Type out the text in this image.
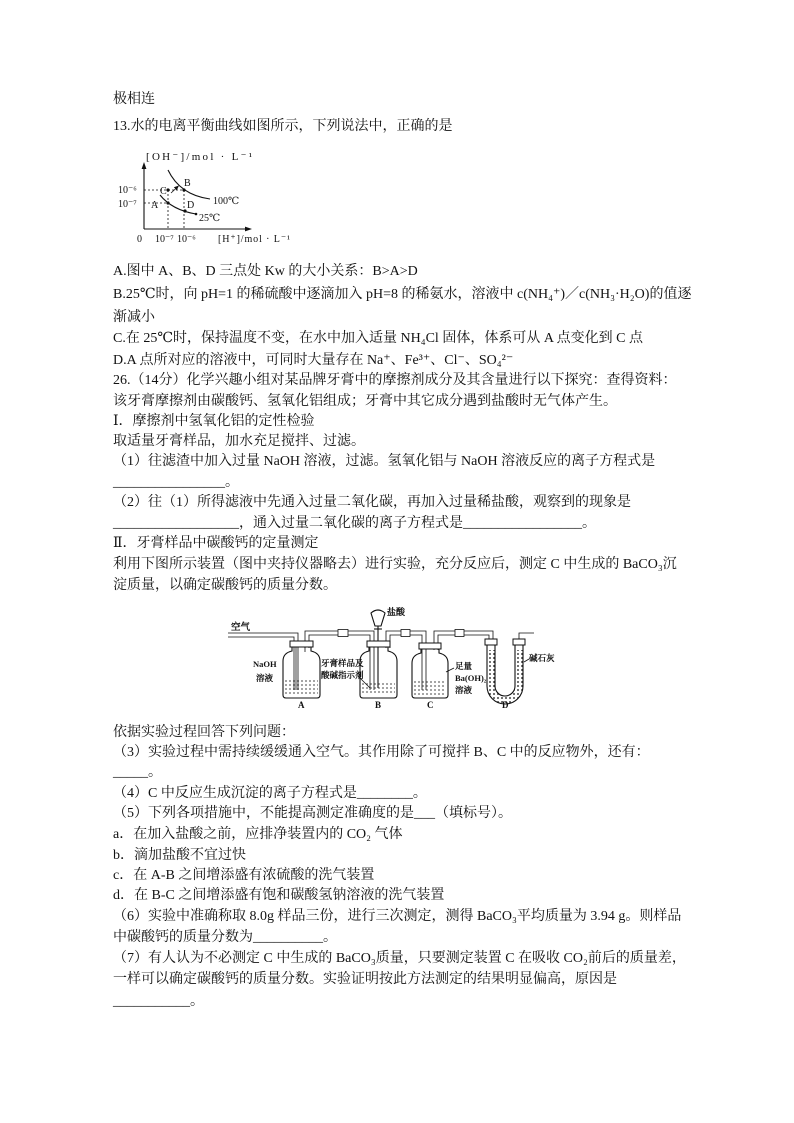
极相连
13.水的电离平衡曲线如图所示，下列说法中，正确的是
[OH⁻]/mol · L⁻¹
[H⁺]/mol · L⁻¹
10⁻⁶
10⁻⁷
0 10⁻⁷ 10⁻⁶
A
B
C
D 100℃
25℃
A.图中 A、B、D 三点处 Kw 的大小关系：B>A>D
B.25℃时，向 pH=1 的稀硫酸中逐滴加入 pH=8 的稀氨水，溶液中 c(NH₄⁺)／c(NH₃·H₂O)的值逐
渐减小
C.在 25℃时，保持温度不变，在水中加入适量 NH₄Cl 固体，体系可从 A 点变化到 C 点
D.A 点所对应的溶液中，可同时大量存在 Na⁺、Fe³⁺、Cl⁻、SO₄²⁻
26.（14分）化学兴趣小组对某品牌牙膏中的摩擦剂成分及其含量进行以下探究：查得资料：
该牙膏摩擦剂由碳酸钙、氢氧化铝组成；牙膏中其它成分遇到盐酸时无气体产生。
Ⅰ．摩擦剂中氢氧化铝的定性检验
取适量牙膏样品，加水充足搅拌、过滤。
（1）往滤渣中加入过量 NaOH 溶液，过滤。氢氧化铝与 NaOH 溶液反应的离子方程式是
________________。
（2）往（1）所得滤液中先通入过量二氧化碳，再加入过量稀盐酸，观察到的现象是
__________________，通入过量二氧化碳的离子方程式是_________________。
Ⅱ．牙膏样品中碳酸钙的定量测定
利用下图所示装置（图中夹持仪器略去）进行实验，充分反应后，测定 C 中生成的 BaCO₃沉
淀质量，以确定碳酸钙的质量分数。
空气
盐酸
NaOH
溶液
牙膏样品及
酸碱指示剂
足量
Ba(OH)₂
溶液
碱石灰
A	B	C	D
依据实验过程回答下列问题：
（3）实验过程中需持续缓缓通入空气。其作用除了可搅拌 B、C 中的反应物外，还有：
_____。
（4）C 中反应生成沉淀的离子方程式是________。
（5）下列各项措施中，不能提高测定准确度的是___（填标号）。
a．在加入盐酸之前，应排净装置内的 CO₂ 气体
b．滴加盐酸不宜过快
c．在 A-B 之间增添盛有浓硫酸的洗气装置
d．在 B-C 之间增添盛有饱和碳酸氢钠溶液的洗气装置
（6）实验中准确称取 8.0g 样品三份，进行三次测定，测得 BaCO₃平均质量为 3.94 g。则样品
中碳酸钙的质量分数为__________。
（7）有人认为不必测定 C 中生成的 BaCO₃质量，只要测定装置 C 在吸收 CO₂前后的质量差，
一样可以确定碳酸钙的质量分数。实验证明按此方法测定的结果明显偏高，原因是
___________。
